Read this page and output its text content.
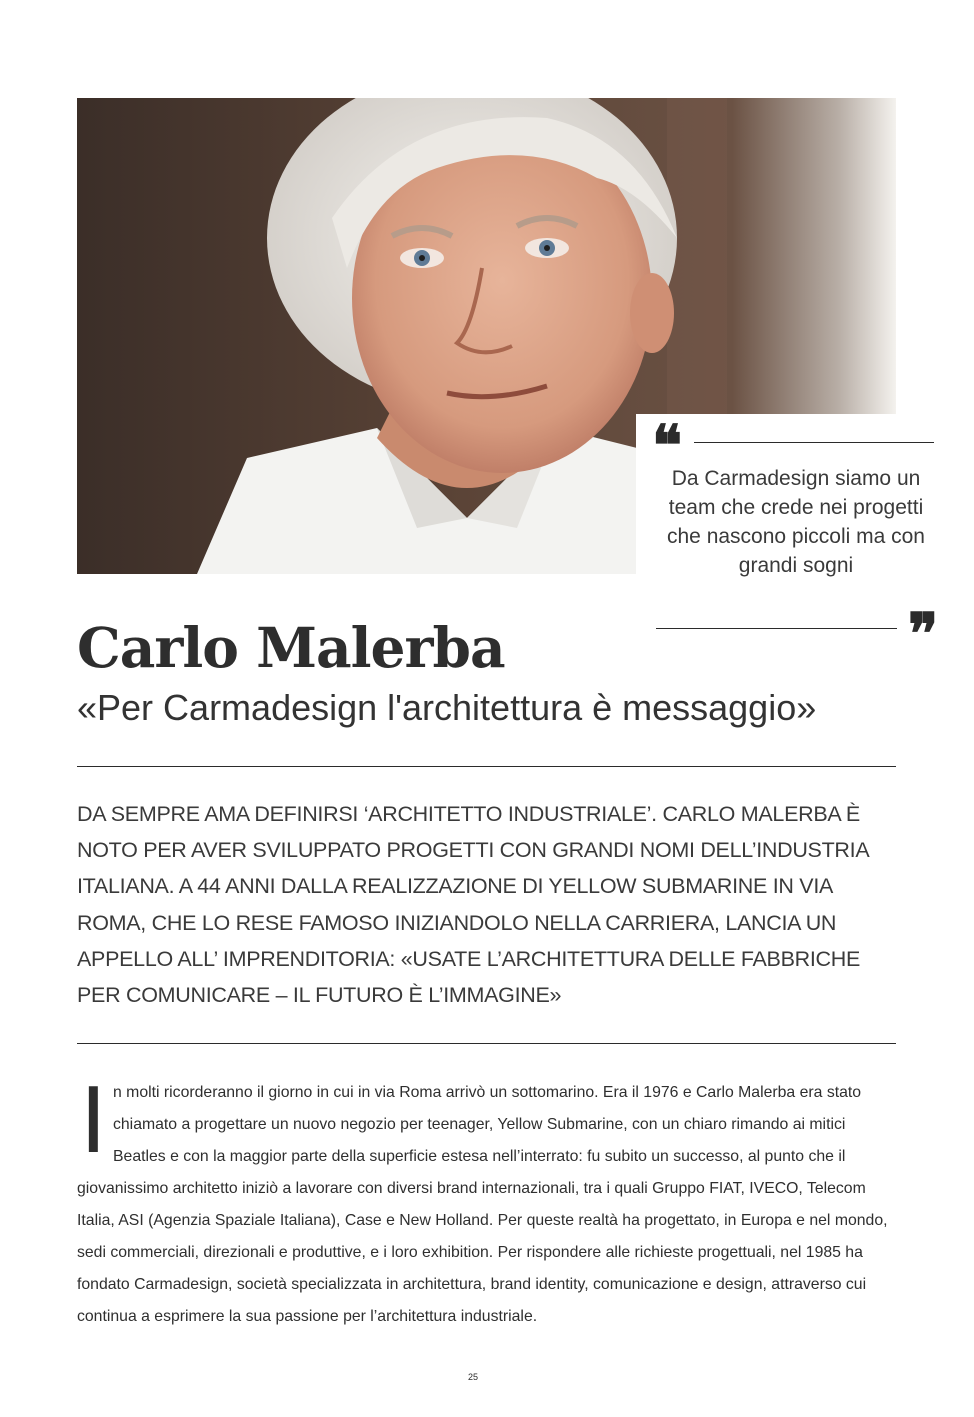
❝
Da Carmadesign siamo un team che crede nei progetti che nascono piccoli ma con grandi sogni
❞
Carlo Malerba
«Per Carmadesign l'architettura è messaggio»

DA SEMPRE AMA DEFINIRSI ‘ARCHITETTO INDUSTRIALE’. CARLO MALERBA È NOTO PER AVER SVILUPPATO PROGETTI CON GRANDI NOMI DELL’INDUSTRIA ITALIANA. A 44 ANNI DALLA REALIZZAZIONE DI YELLOW SUBMARINE IN VIA ROMA, CHE LO RESE FAMOSO INIZIANDOLO NELLA CARRIERA, LANCIA UN APPELLO ALL’ IMPRENDITORIA: «USATE L’ARCHITETTURA DELLE FABBRICHE PER COMUNICARE – IL FUTURO È L’IMMAGINE»

I n molti ricorderanno il giorno in cui in via Roma arrivò un sottomarino. Era il 1976 e Carlo Malerba era stato chiamato a progettare un nuovo negozio per teenager, Yellow Submarine, con un chiaro rimando ai mitici Beatles e con la maggior parte della superficie estesa nell’interrato: fu subito un successo, al punto che il giovanissimo architetto iniziò a lavorare con diversi brand internazionali, tra i quali Gruppo FIAT, IVECO, Telecom Italia, ASI (Agenzia Spaziale Italiana), Case e New Holland. Per queste realtà ha progettato, in Europa e nel mondo, sedi commerciali, direzionali e produttive, e i loro exhibition. Per rispondere alle richieste progettuali, nel 1985 ha fondato Carmadesign, società specializzata in architettura, brand identity, comunicazione e design, attraverso cui continua a esprimere la sua passione per l’architettura industriale.

25
